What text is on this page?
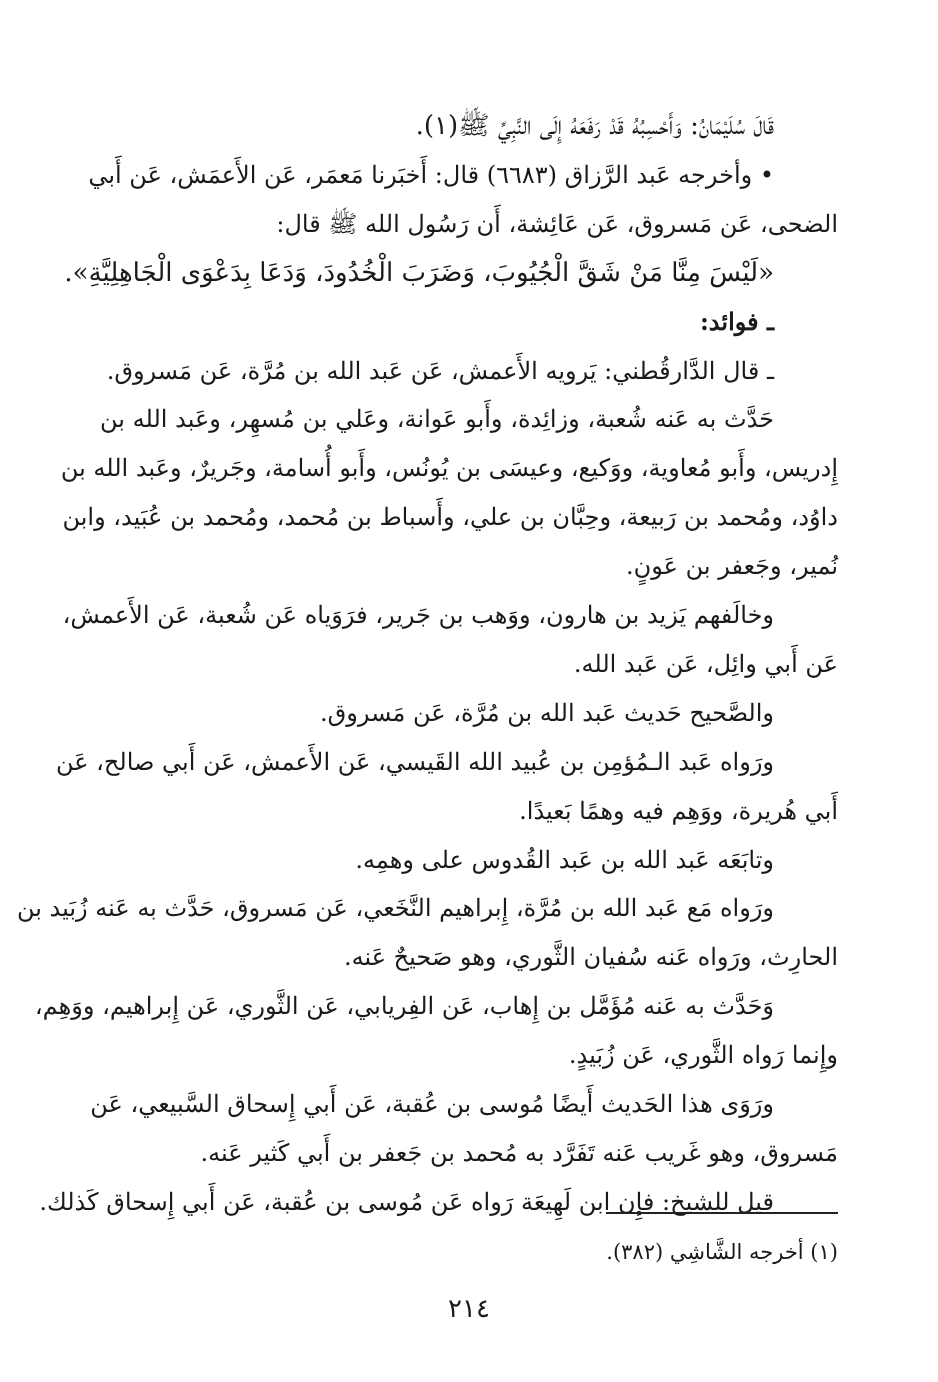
قَالَ سُلَيْمَانُ: وَأَحْسِبُهُ قَدْ رَفَعَهُ إِلَى النَّبِيِّ ﷺ(١).
• وأخرجه عَبد الرَّزاق (٦٦٨٣) قال: أَخبَرنا مَعمَر، عَن الأَعمَش، عَن أَبي
الضحى، عَن مَسروق، عَن عَائِشة، أَن رَسُول الله ﷺ قال:
«لَيْسَ مِنَّا مَنْ شَقَّ الْجُيُوبَ، وَضَرَبَ الْخُدُودَ، وَدَعَا بِدَعْوَى الْجَاهِلِيَّةِ».
ـ فوائد:
ـ قال الدَّارقُطني: يَرويه الأَعمش، عَن عَبد الله بن مُرَّة، عَن مَسروق.
حَدَّث به عَنه شُعبة، وزائِدة، وأَبو عَوانة، وعَلي بن مُسهِر، وعَبد الله بن
إِدريس، وأَبو مُعاوية، ووَكيع، وعيسَى بن يُونُس، وأَبو أُسامة، وجَريرٌ، وعَبد الله بن
داوُد، ومُحمد بن رَبيعة، وحِبَّان بن علي، وأَسباط بن مُحمد، ومُحمد بن عُبَيد، وابن
نُمير، وجَعفر بن عَونٍ.
وخالَفهم يَزيد بن هارون، ووَهب بن جَرير، فرَوَياه عَن شُعبة، عَن الأَعمش،
عَن أَبي وائِل، عَن عَبد الله.
والصَّحيح حَديث عَبد الله بن مُرَّة، عَن مَسروق.
ورَواه عَبد الـمُؤمِن بن عُبيد الله القَيسي، عَن الأَعمش، عَن أَبي صالح، عَن
أَبي هُريرة، ووَهِم فيه وهمًا بَعيدًا.
وتابَعَه عَبد الله بن عَبد القُدوس على وهمِه.
ورَواه مَع عَبد الله بن مُرَّة، إِبراهيم النَّخَعي، عَن مَسروق، حَدَّث به عَنه زُبَيد بن
الحارِث، ورَواه عَنه سُفيان الثَّوري، وهو صَحيحٌ عَنه.
وَحَدَّث به عَنه مُؤَمَّل بن إِهاب، عَن الفِريابي، عَن الثَّوري، عَن إِبراهيم، ووَهِم،
وإِنما رَواه الثَّوري، عَن زُبَيدٍ.
ورَوَى هذا الحَديث أَيضًا مُوسى بن عُقبة، عَن أَبي إِسحاق السَّبيعي، عَن
مَسروق، وهو غَريب عَنه تَفَرَّد به مُحمد بن جَعفر بن أَبي كَثير عَنه.
قيل للشيخ: فإِن ابن لَهِيعَة رَواه عَن مُوسى بن عُقبة، عَن أَبي إِسحاق كَذلك.
(١) أخرجه الشَّاشِي (٣٨٢).
٢١٤
